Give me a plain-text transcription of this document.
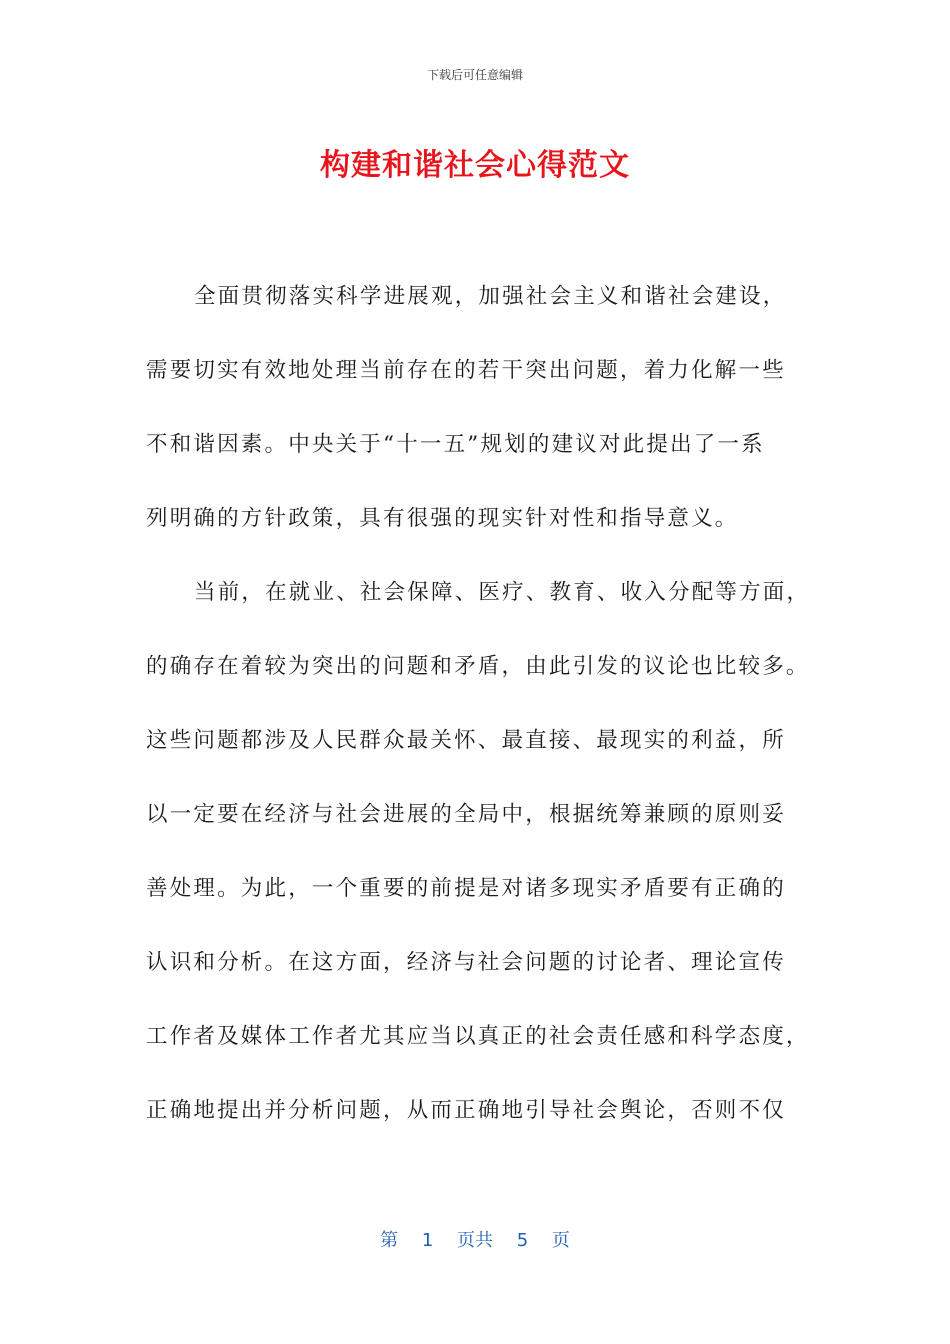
下载后可任意编辑
构建和谐社会心得范文
全面贯彻落实科学进展观，加强社会主义和谐社会建设，
需要切实有效地处理当前存在的若干突出问题，着力化解一些
不和谐因素。中央关于“十一五”规划的建议对此提出了一系
列明确的方针政策，具有很强的现实针对性和指导意义。
当前，在就业、社会保障、医疗、教育、收入分配等方面，
的确存在着较为突出的问题和矛盾，由此引发的议论也比较多。
这些问题都涉及人民群众最关怀、最直接、最现实的利益，所
以一定要在经济与社会进展的全局中，根据统筹兼顾的原则妥
善处理。为此，一个重要的前提是对诸多现实矛盾要有正确的
认识和分析。在这方面，经济与社会问题的讨论者、理论宣传
工作者及媒体工作者尤其应当以真正的社会责任感和科学态度，
正确地提出并分析问题，从而正确地引导社会舆论，否则不仅
第 1 页共 5 页
